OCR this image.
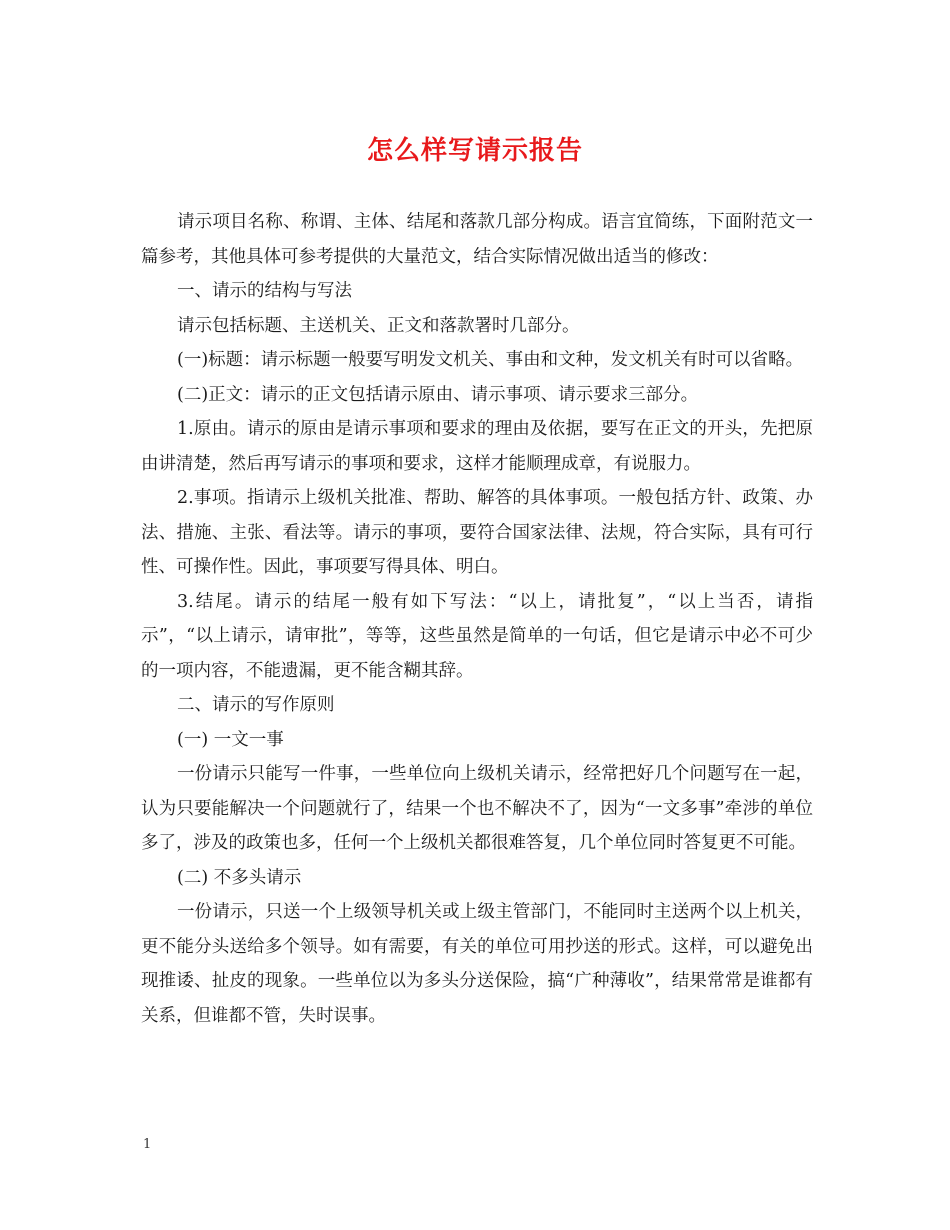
怎么样写请示报告

请示项目名称、称谓、主体、结尾和落款几部分构成。语言宜简练，下面附范文一篇参考，其他具体可参考提供的大量范文，结合实际情况做出适当的修改：

一、请示的结构与写法

请示包括标题、主送机关、正文和落款署时几部分。

(一)标题：请示标题一般要写明发文机关、事由和文种，发文机关有时可以省略。

(二)正文：请示的正文包括请示原由、请示事项、请示要求三部分。

1.原由。请示的原由是请示事项和要求的理由及依据，要写在正文的开头，先把原由讲清楚，然后再写请示的事项和要求，这样才能顺理成章，有说服力。

2.事项。指请示上级机关批准、帮助、解答的具体事项。一般包括方针、政策、办法、措施、主张、看法等。请示的事项，要符合国家法律、法规，符合实际，具有可行性、可操作性。因此，事项要写得具体、明白。

3.结尾。请示的结尾一般有如下写法：“以上，请批复”，“以上当否，请指示”，“以上请示，请审批”，等等，这些虽然是简单的一句话，但它是请示中必不可少的一项内容，不能遗漏，更不能含糊其辞。

二、请示的写作原则

(一) 一文一事

一份请示只能写一件事，一些单位向上级机关请示，经常把好几个问题写在一起，认为只要能解决一个问题就行了，结果一个也不解决不了，因为“一文多事”牵涉的单位多了，涉及的政策也多，任何一个上级机关都很难答复，几个单位同时答复更不可能。

(二) 不多头请示

一份请示，只送一个上级领导机关或上级主管部门，不能同时主送两个以上机关，更不能分头送给多个领导。如有需要，有关的单位可用抄送的形式。这样，可以避免出现推诿、扯皮的现象。一些单位以为多头分送保险，搞“广种薄收”，结果常常是谁都有关系，但谁都不管，失时误事。

1
